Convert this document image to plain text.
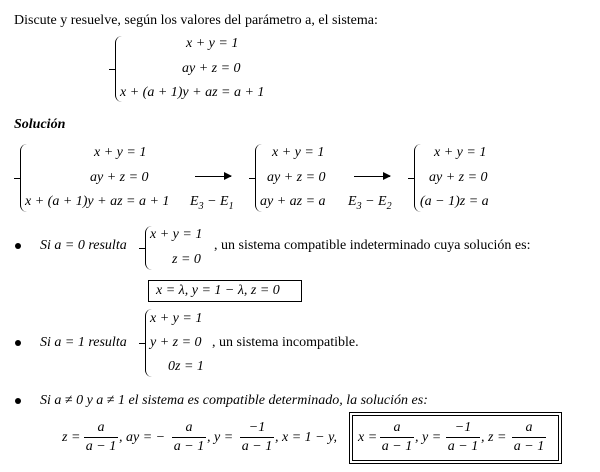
Discute y resuelve, según los valores del parámetro a, el sistema:
x + y = 1
ay + z = 0
x + (a + 1)y + az = a + 1
Solución
x + y = 1
ay + z = 0
x + (a + 1)y + az = a + 1 $E_3 - E_1$
x + y = 1
ay + z = 0
ay + az = a $E_3 - E_2$
x + y = 1
ay + z = 0
(a − 1)z = a
Si a = 0 resulta
x + y = 1
z = 0
, un sistema compatible indeterminado cuya solución es:
x = λ, y = 1 − λ, z = 0
Si a = 1 resulta
x + y = 1
y + z = 0
0z = 1
, un sistema incompatible.
Si a ≠ 0 y a ≠ 1 el sistema es compatible determinado, la solución es:
z =
a
a − 1
, ay = −
a
a − 1
, y =
−1
a − 1
, x = 1 − y, x =
a
a − 1
, y =
−1
a − 1
, z =
a
a − 1
